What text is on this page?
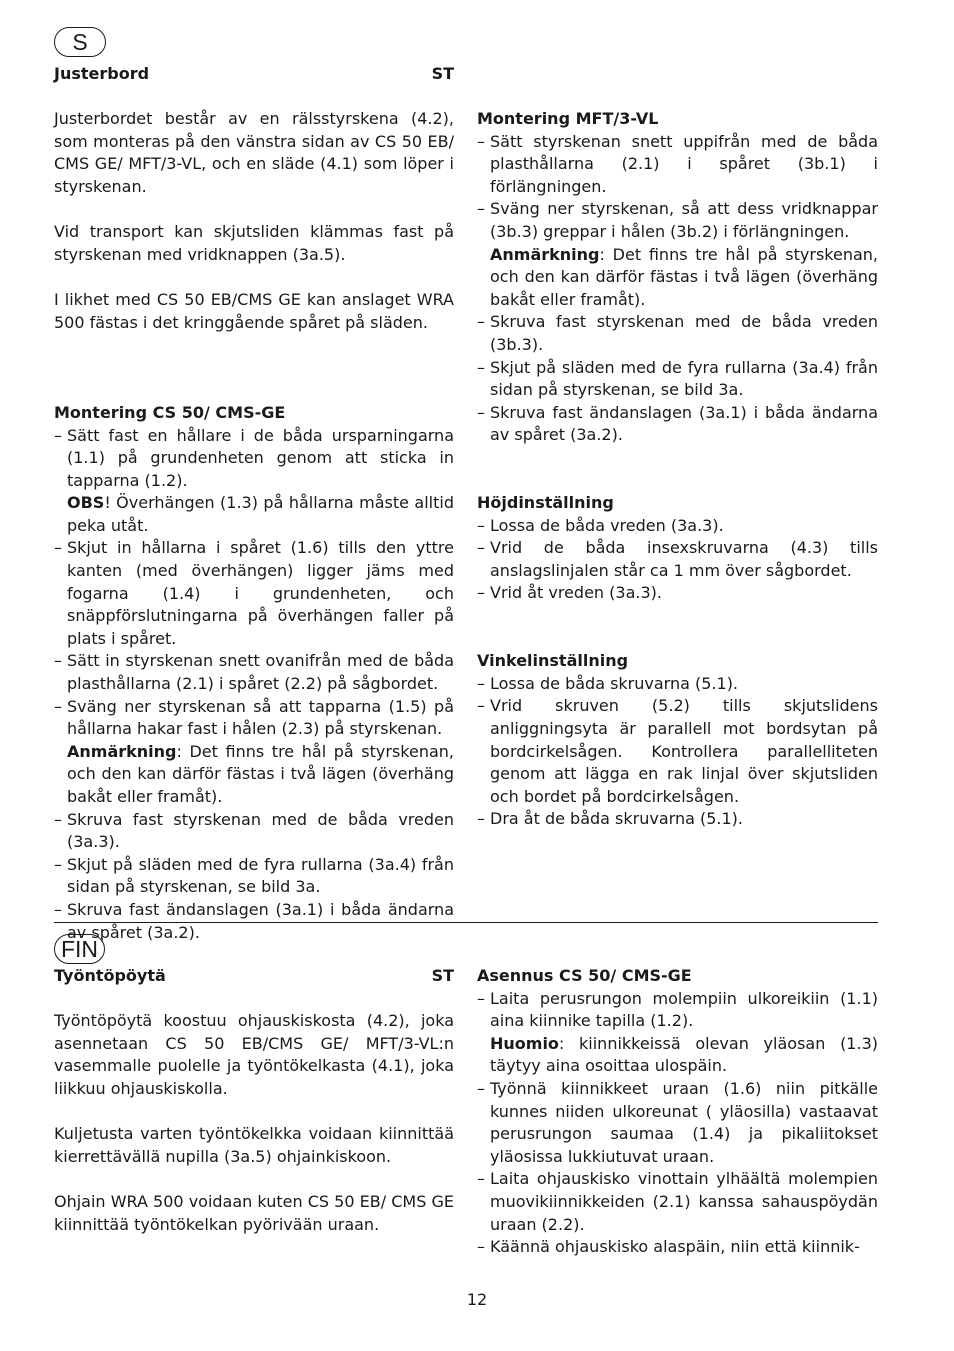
S
Justerbord	ST

Justerbordet består av en rälsstyrskena (4.2), som monteras på den vänstra sidan av CS 50 EB/ CMS GE/ MFT/3-VL, och en släde (4.1) som löper i styrskenan.

Vid transport kan skjutsliden klämmas fast på styrskenan med vridknappen (3a.5).

I likhet med CS 50 EB/CMS GE kan anslaget WRA 500 fästas i det kringgående spåret på släden.

Montering CS 50/ CMS-GE
– Sätt fast en hållare i de båda ursparningarna (1.1) på grundenheten genom att sticka in tapparna (1.2).
OBS! Överhängen (1.3) på hållarna måste alltid peka utåt.
– Skjut in hållarna i spåret (1.6) tills den yttre kanten (med överhängen) ligger jäms med fogarna (1.4) i grundenheten, och snäppförslutningarna på överhängen faller på plats i spåret.
– Sätt in styrskenan snett ovanifrån med de båda plasthållarna (2.1) i spåret (2.2) på sågbordet.
– Sväng ner styrskenan så att tapparna (1.5) på hållarna hakar fast i hålen (2.3) på styrskenan.
Anmärkning: Det finns tre hål på styrskenan, och den kan därför fästas i två lägen (överhäng bakåt eller framåt).
– Skruva fast styrskenan med de båda vreden (3a.3).
– Skjut på släden med de fyra rullarna (3a.4) från sidan på styrskenan, se bild 3a.
– Skruva fast ändanslagen (3a.1) i båda ändarna av spåret (3a.2).
Montering MFT/3-VL
– Sätt styrskenan snett uppifrån med de båda plasthållarna (2.1) i spåret (3b.1) i förlängningen.
– Sväng ner styrskenan, så att dess vridknappar (3b.3) greppar i hålen (3b.2) i förlängningen.
Anmärkning: Det finns tre hål på styrskenan, och den kan därför fästas i två lägen (överhäng bakåt eller framåt).
– Skruva fast styrskenan med de båda vreden (3b.3).
– Skjut på släden med de fyra rullarna (3a.4) från sidan på styrskenan, se bild 3a.
– Skruva fast ändanslagen (3a.1) i båda ändarna av spåret (3a.2).
Höjdinställning
– Lossa de båda vreden (3a.3).
– Vrid de båda insexskruvarna (4.3) tills anslagslinjalen står ca 1 mm över sågbordet.
– Vrid åt vreden (3a.3).
Vinkelinställning
– Lossa de båda skruvarna (5.1).
– Vrid skruven (5.2) tills skjutslidens anliggningsyta är parallell mot bordsytan på bordcirkelsågen. Kontrollera parallelliteten genom att lägga en rak linjal över skjutsliden och bordet på bordcirkelsågen.
– Dra åt de båda skruvarna (5.1).
FIN
Työntöpöytä	ST

Työntöpöytä koostuu ohjauskiskosta (4.2), joka asennetaan CS 50 EB/CMS GE/ MFT/3-VL:n vasemmalle puolelle ja työntökelkasta (4.1), joka liikkuu ohjauskiskolla.

Kuljetusta varten työntökelkka voidaan kiinnittää kierrettävällä nupilla (3a.5) ohjainkiskoon.

Ohjain WRA 500 voidaan kuten CS 50 EB/ CMS GE kiinnittää työntökelkan pyörivään uraan.

Asennus CS 50/ CMS-GE
– Laita perusrungon molempiin ulkoreikiin (1.1) aina kiinnike tapilla (1.2).
Huomio: kiinnikkeissä olevan yläosan (1.3) täytyy aina osoittaa ulospäin.
– Työnnä kiinnikkeet uraan (1.6) niin pitkälle kunnes niiden ulkoreunat ( yläosilla) vastaavat perusrungon saumaa (1.4) ja pikaliitokset yläosissa lukkiutuvat uraan.
– Laita ohjauskisko vinottain ylhäältä molempien muovikiinnikkeiden (2.1) kanssa sahauspöydän uraan (2.2).
– Käännä ohjauskisko alaspäin, niin että kiinnik-
12
